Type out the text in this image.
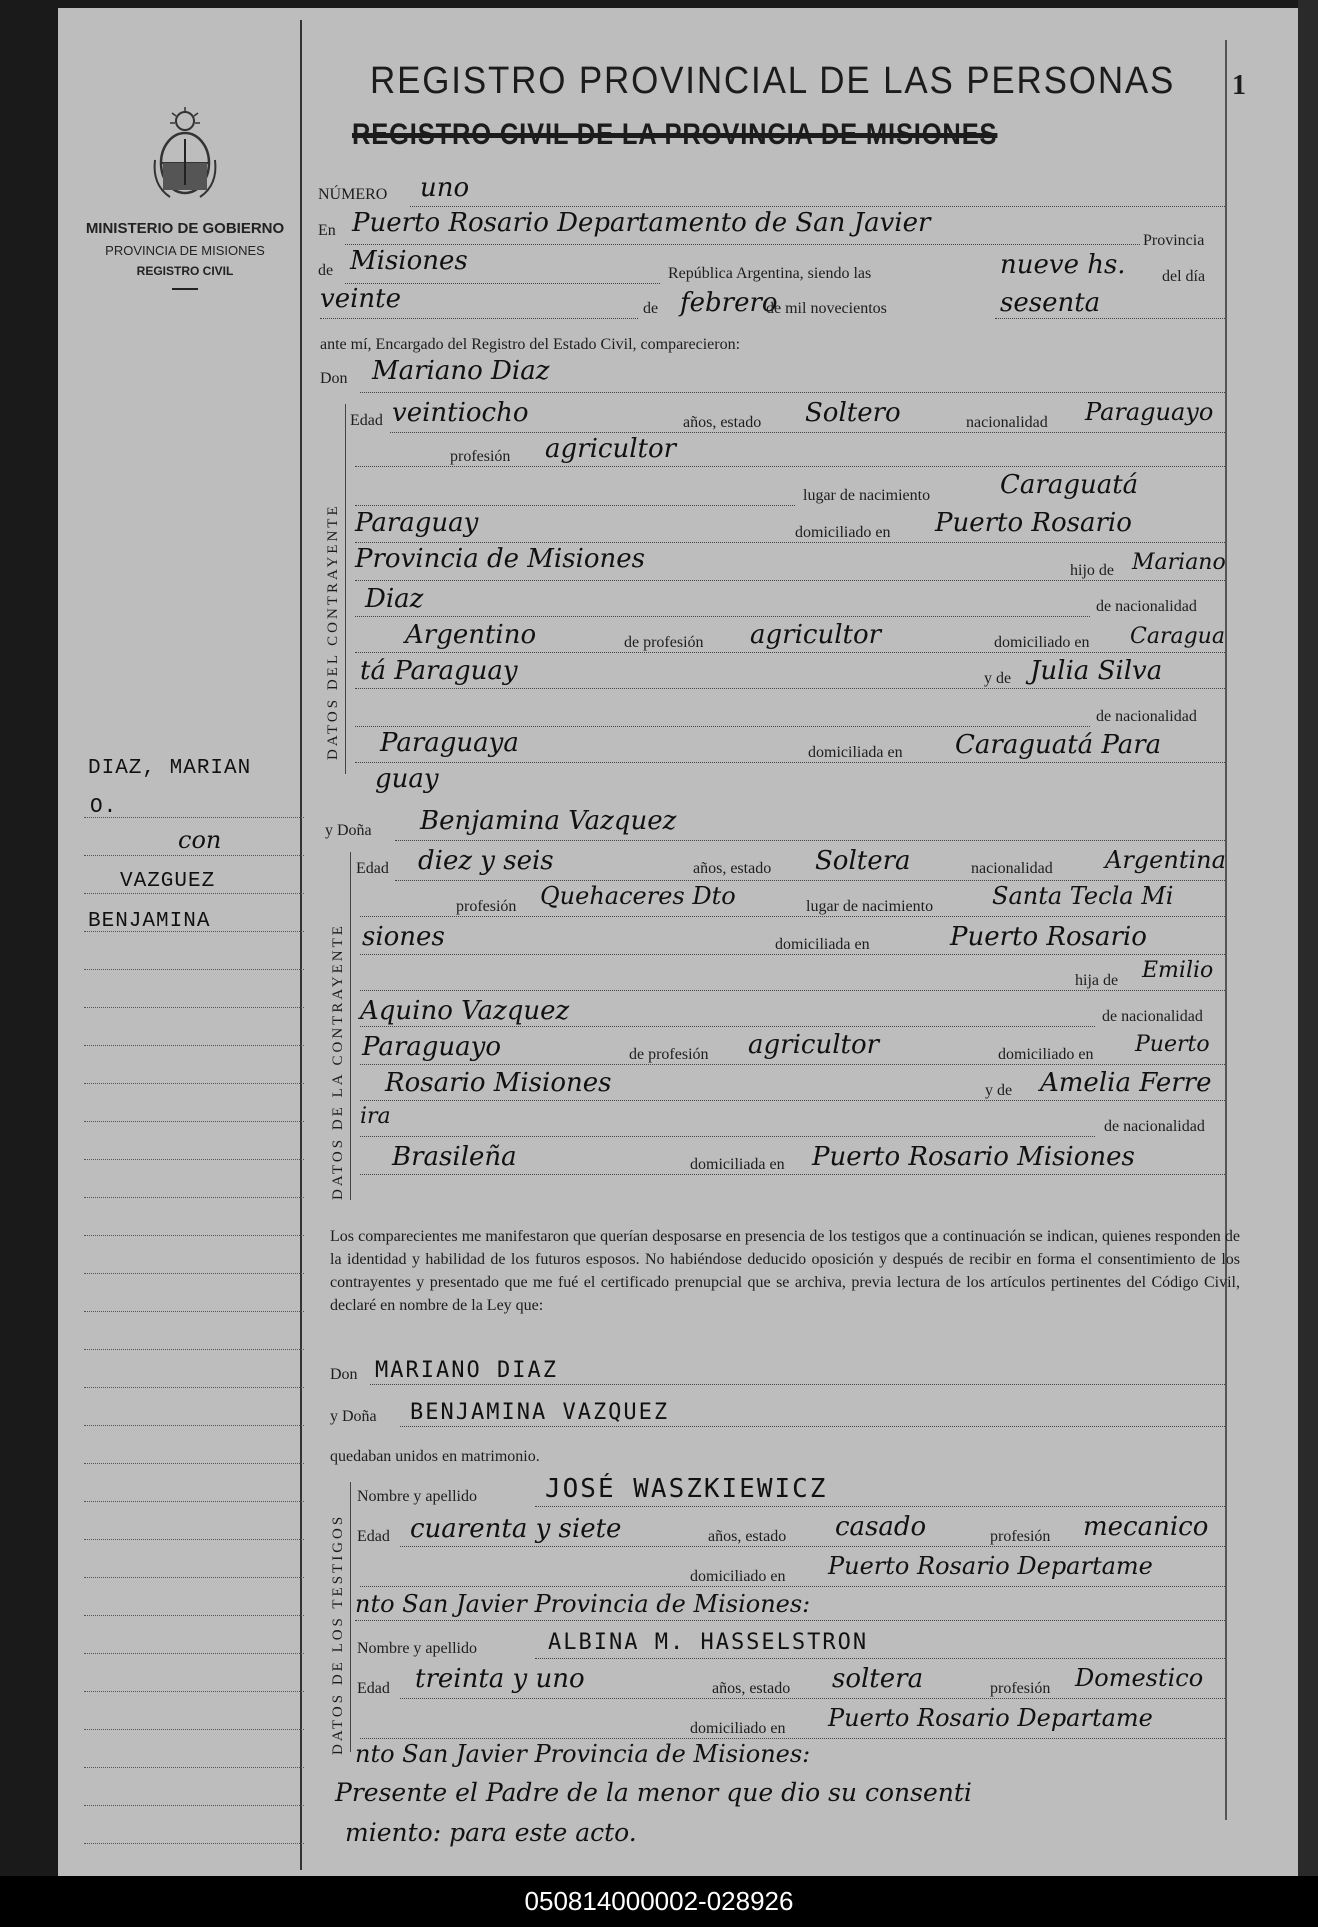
MINISTERIO DE GOBIERNO
PROVINCIA DE MISIONES
REGISTRO CIVIL
DIAZ, MARIAN
O.
con
VAZGUEZ
BENJAMINA
REGISTRO PROVINCIAL DE LAS PERSONAS
REGISTRO CIVIL DE LA PROVINCIA DE MISIONES
1
NÚMERO uno
En Puerto Rosario Departamento de San Javier
Provincia
de Misiones	República Argentina, siendo las	nueve hs. del día
veinte	de febrero
de mil novecientos	sesenta
ante mí, Encargado del Registro del Estado Civil, comparecieron:
Don Mariano Diaz
DATOS DEL CONTRAYENTE
Edad veintiocho	años, estado Soltero	nacionalidad Paraguayo
profesión agricultor
lugar de nacimiento	Caraguatá
Paraguay	domiciliado en Puerto Rosario
Provincia de Misiones	hijo de Mariano
Diaz	de nacionalidad
Argentino	de profesión agricultor	domiciliado en Caragua
tá Paraguay	y de Julia Silva
de nacionalidad
Paraguaya	domiciliada en Caraguatá Para
guay
y Doña Benjamina Vazquez
DATOS DE LA CONTRAYENTE
Edad diez y seis	años, estado Soltera	nacionalidad Argentina
profesión Quehaceres Dto	lugar de nacimiento Santa Tecla Mi
siones	domiciliada en	Puerto Rosario
hija de Emilio
Aquino Vazquez	de nacionalidad
Paraguayo	de profesión agricultor	domiciliado en Puerto
Rosario Misiones	y de Amelia Ferre
ira	de nacionalidad
Brasileña	domiciliada en Puerto Rosario Misiones
Los comparecientes me manifestaron que querían desposarse en presencia de los testigos que a continuación se indican, quienes responden de la identidad y habilidad de los futuros esposos. No habiéndose deducido oposición y después de recibir en forma el consentimiento de los contrayentes y presentado que me fué el certificado prenupcial que se archiva, previa lectura de los artículos pertinentes del Código Civil, declaré en nombre de la Ley que:
Don MARIANO DIAZ
y Doña BENJAMINA VAZQUEZ
quedaban unidos en matrimonio.
DATOS DE LOS TESTIGOS
Nombre y apellido	JOSÉ WASZKIEWICZ
Edad cuarenta y siete	años, estado casado	profesión mecanico
domiciliado en Puerto Rosario Departame
nto San Javier Provincia de Misiones:
Nombre y apellido	ALBINA M. HASSELSTRON
Edad treinta y uno	años, estado soltera	profesión Domestico
domiciliado en Puerto Rosario Departame
nto San Javier Provincia de Misiones:
Presente el Padre de la menor que dio su consenti
miento: para este acto.
050814000002-028926
